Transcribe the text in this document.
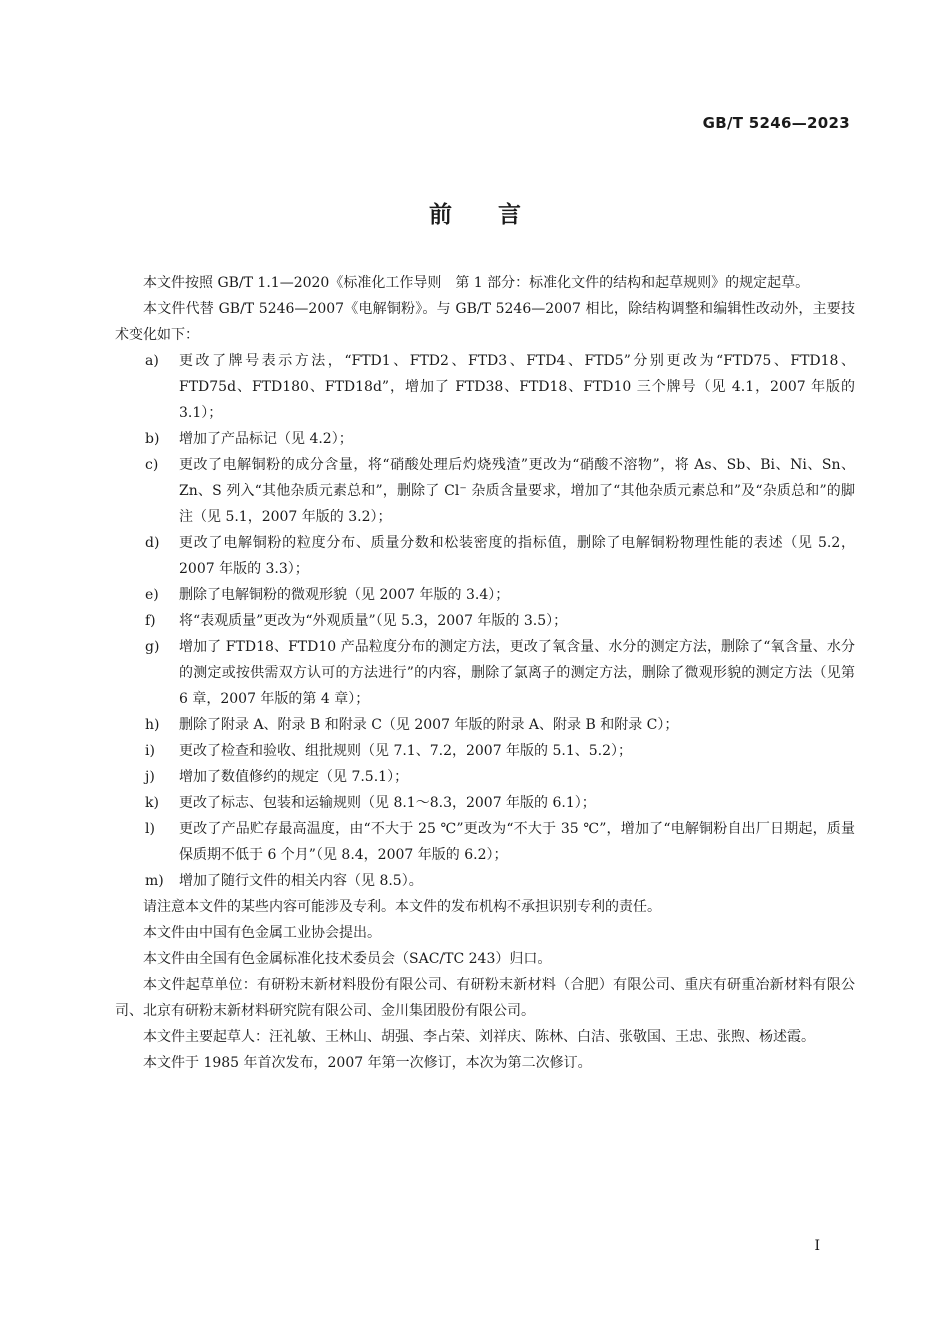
GB/T 5246—2023
前言

本文件按照 GB/T 1.1—2020《标准化工作导则　第 1 部分：标准化文件的结构和起草规则》的规定起草。

本文件代替 GB/T 5246—2007《电解铜粉》。与 GB/T 5246—2007 相比，除结构调整和编辑性改动外，主要技术变化如下：

a) 更改了牌号表示方法，“FTD1、FTD2、FTD3、FTD4、FTD5”分别更改为“FTD75、FTD18、FTD75d、FTD180、FTD18d”，增加了 FTD38、FTD18、FTD10 三个牌号（见 4.1，2007 年版的 3.1）；
b) 增加了产品标记（见 4.2）；
c) 更改了电解铜粉的成分含量，将“硝酸处理后灼烧残渣”更改为“硝酸不溶物”，将 As、Sb、Bi、Ni、Sn、Zn、S 列入“其他杂质元素总和”，删除了 Cl⁻ 杂质含量要求，增加了“其他杂质元素总和”及“杂质总和”的脚注（见 5.1，2007 年版的 3.2）；
d) 更改了电解铜粉的粒度分布、质量分数和松装密度的指标值，删除了电解铜粉物理性能的表述（见 5.2，2007 年版的 3.3）；
e) 删除了电解铜粉的微观形貌（见 2007 年版的 3.4）；
f) 将“表观质量”更改为“外观质量”（见 5.3，2007 年版的 3.5）；
g) 增加了 FTD18、FTD10 产品粒度分布的测定方法，更改了氧含量、水分的测定方法，删除了“氧含量、水分的测定或按供需双方认可的方法进行”的内容，删除了氯离子的测定方法，删除了微观形貌的测定方法（见第 6 章，2007 年版的第 4 章）；
h) 删除了附录 A、附录 B 和附录 C（见 2007 年版的附录 A、附录 B 和附录 C）；
i) 更改了检查和验收、组批规则（见 7.1、7.2，2007 年版的 5.1、5.2）；
j) 增加了数值修约的规定（见 7.5.1）；
k) 更改了标志、包装和运输规则（见 8.1～8.3，2007 年版的 6.1）；
l) 更改了产品贮存最高温度，由“不大于 25 ℃”更改为“不大于 35 ℃”，增加了“电解铜粉自出厂日期起，质量保质期不低于 6 个月”（见 8.4，2007 年版的 6.2）；
m) 增加了随行文件的相关内容（见 8.5）。

请注意本文件的某些内容可能涉及专利。本文件的发布机构不承担识别专利的责任。

本文件由中国有色金属工业协会提出。

本文件由全国有色金属标准化技术委员会（SAC/TC 243）归口。

本文件起草单位：有研粉末新材料股份有限公司、有研粉末新材料（合肥）有限公司、重庆有研重冶新材料有限公司、北京有研粉末新材料研究院有限公司、金川集团股份有限公司。

本文件主要起草人：汪礼敏、王林山、胡强、李占荣、刘祥庆、陈林、白洁、张敬国、王忠、张煦、杨述霞。

本文件于 1985 年首次发布，2007 年第一次修订，本次为第二次修订。

I
